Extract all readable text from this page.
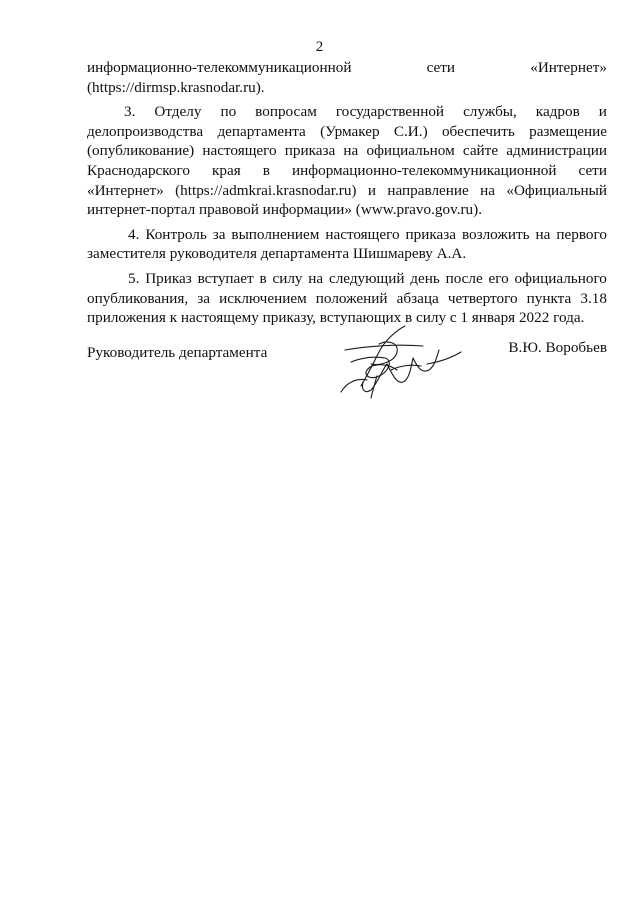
2
информационно-телекоммуникационной	сети	«Интернет»
(https://dirmsp.krasnodar.ru).
3. Отделу по вопросам государственной службы, кадров и
делопроизводства департамента (Урмакер С.И.) обеспечить размещение
(опубликование) настоящего приказа на официальном сайте администрации
Краснодарского края в информационно-телекоммуникационной сети
«Интернет» (https://admkrai.krasnodar.ru) и направление на «Официальный
интернет-портал правовой информации» (www.pravo.gov.ru).
4. Контроль за выполнением настоящего приказа возложить на первого
заместителя руководителя департамента Шишмареву А.А.
5. Приказ вступает в силу на следующий день после его официального
опубликования, за исключением положений абзаца четвертого пункта 3.18
приложения к настоящему приказу, вступающих в силу с 1 января 2022 года.
Руководитель департамента	В.Ю. Воробьев
